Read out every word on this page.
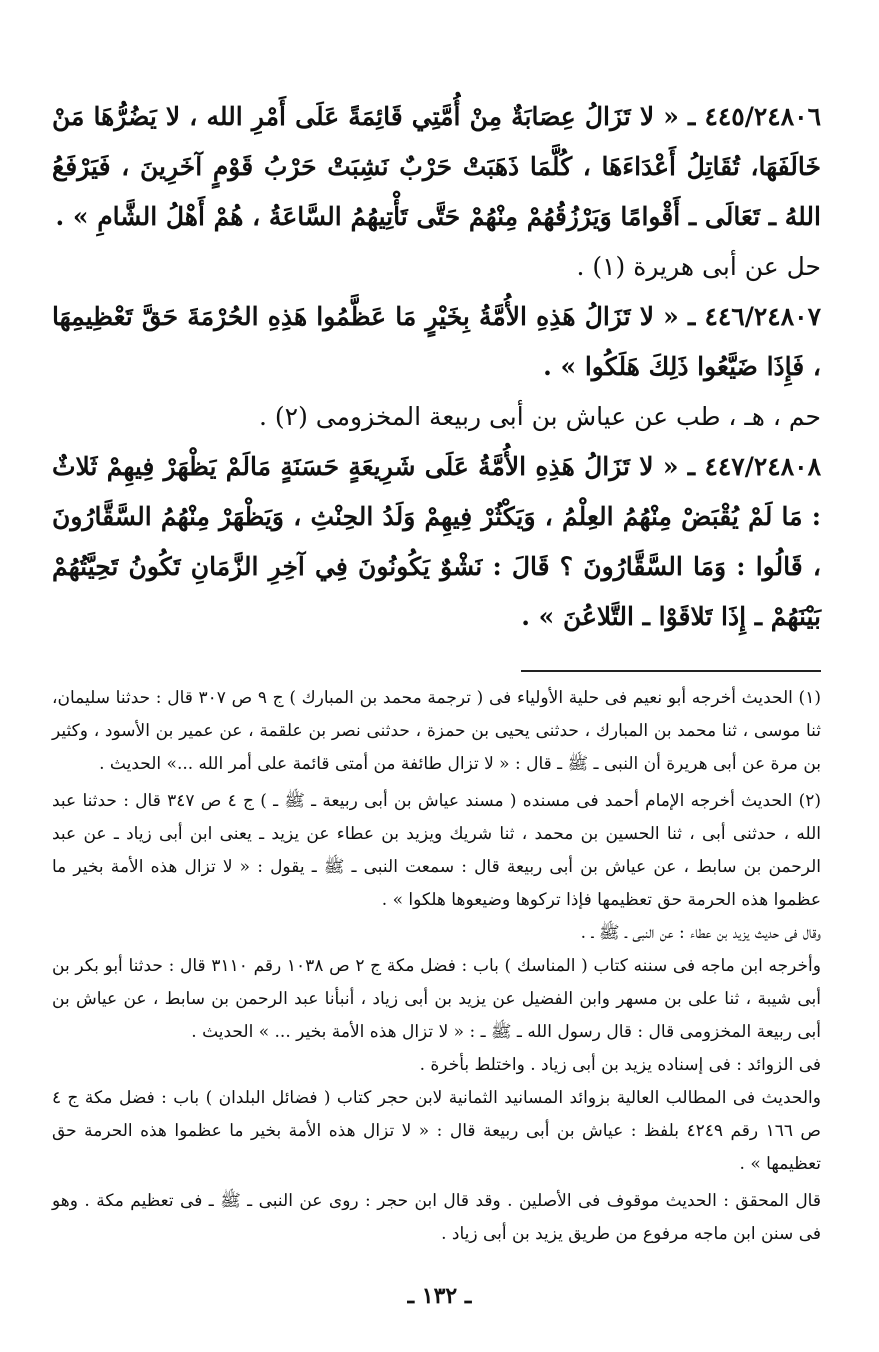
٤٤٥/٢٤٨٠٦ ـ « لا تَزَالُ عِصَابَةٌ مِنْ أُمَّتِي قَائِمَةً عَلَى أَمْرِ الله ، لا يَضُرُّهَا مَنْ خَالَفَهَا، تُقَاتِلُ أَعْدَاءَهَا ، كُلَّمَا ذَهَبَتْ حَرْبٌ نَشِبَتْ حَرْبُ قَوْمٍ آخَرِينَ ، فَيَرْفَعُ اللهُ ـ تَعَالَى ـ أَقْوامًا وَيَرْزُقُهُمْ مِنْهُمْ حَتَّى تَأْتِيهُمُ السَّاعَةُ ، هُمْ أَهْلُ الشَّامِ » .

حل عن أبى هريرة (١) .

٤٤٦/٢٤٨٠٧ ـ « لا تَزَالُ هَذِهِ الأُمَّةُ بِخَيْرٍ مَا عَظَّمُوا هَذِهِ الحُرْمَةَ حَقَّ تَعْظِيمِهَا ، فَإِذَا ضَيَّعُوا ذَلِكَ هَلَكُوا » .

حم ، هـ ، طب عن عياش بن أبى ربيعة المخزومى (٢) .

٤٤٧/٢٤٨٠٨ ـ « لا تَزَالُ هَذِهِ الأُمَّةُ عَلَى شَرِيعَةٍ حَسَنَةٍ مَالَمْ يَظْهَرْ فِيهِمْ ثَلاثٌ : مَا لَمْ يُقْبَضْ مِنْهُمُ العِلْمُ ، وَيَكْثُرْ فِيهِمْ وَلَدُ الحِنْثِ ، وَيَظْهَرْ مِنْهُمُ السَّقَّارُونَ ، قَالُوا : وَمَا السَّقَّارُونَ ؟ قَالَ : نَشْوٌ يَكُونُونَ فِي آخِرِ الزَّمَانِ تَكُونُ تَحِيَّتُهُمْ بَيْنَهُمْ ـ إِذَا تَلاقَوْا ـ التَّلاعُنَ » .

(١) الحديث أخرجه أبو نعيم فى حلية الأولياء فى ( ترجمة محمد بن المبارك ) ج ٩ ص ٣٠٧ قال : حدثنا سليمان، ثنا موسى ، ثنا محمد بن المبارك ، حدثنى يحيى بن حمزة ، حدثنى نصر بن علقمة ، عن عمير بن الأسود ، وكثير بن مرة عن أبى هريرة أن النبى ـ ﷺ ـ قال : « لا تزال طائفة من أمتى قائمة على أمر الله ...» الحديث .

(٢) الحديث أخرجه الإمام أحمد فى مسنده ( مسند عياش بن أبى ربيعة ـ ﷺ ـ ) ج ٤ ص ٣٤٧ قال : حدثنا عبد الله ، حدثنى أبى ، ثنا الحسين بن محمد ، ثنا شريك ويزيد بن عطاء عن يزيد ـ يعنى ابن أبى زياد ـ عن عبد الرحمن بن سابط ، عن عياش بن أبى ربيعة قال : سمعت النبى ـ ﷺ ـ يقول : « لا تزال هذه الأمة بخير ما عظموا هذه الحرمة حق تعظيمها فإذا تركوها وضيعوها هلكوا » .

وقال فى حديث يزيد بن عطاء : عن النبى ـ ﷺ ـ .

وأخرجه ابن ماجه فى سننه كتاب ( المناسك ) باب : فضل مكة ج ٢ ص ١٠٣٨ رقم ٣١١٠ قال : حدثنا أبو بكر بن أبى شيبة ، ثنا على بن مسهر وابن الفضيل عن يزيد بن أبى زياد ، أنبأنا عبد الرحمن بن سابط ، عن عياش بن أبى ربيعة المخزومى قال : قال رسول الله ـ ﷺ ـ : « لا تزال هذه الأمة بخير ... » الحديث .

فى الزوائد : فى إسناده يزيد بن أبى زياد . واختلط بأخرة .

والحديث فى المطالب العالية بزوائد المسانيد الثمانية لابن حجر كتاب ( فضائل البلدان ) باب : فضل مكة ج ٤ ص ١٦٦ رقم ٤٢٤٩ بلفظ : عياش بن أبى ربيعة قال : « لا تزال هذه الأمة بخير ما عظموا هذه الحرمة حق تعظيمها » .

قال المحقق : الحديث موقوف فى الأصلين . وقد قال ابن حجر : روى عن النبى ـ ﷺ ـ فى تعظيم مكة . وهو فى سنن ابن ماجه مرفوع من طريق يزيد بن أبى زياد .

ـ ١٣٢ ـ
